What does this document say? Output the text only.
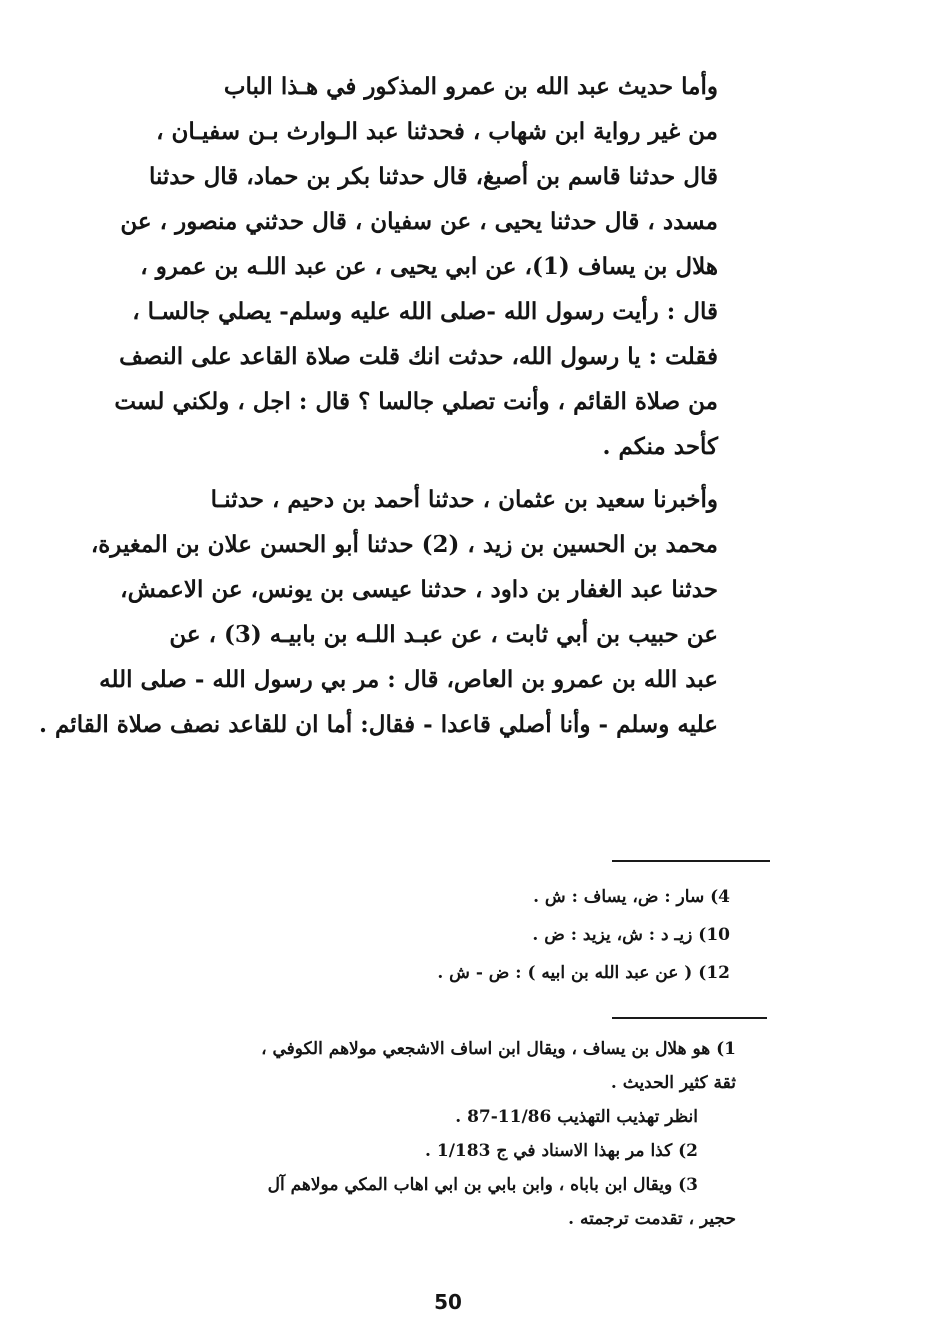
وأما حديث عبد الله بن عمرو المذكور في هـذا الباب
من غير رواية ابن شهاب ، فحدثنا عبد الـوارث بـن سفيـان ،
قال حدثنا قاسم بن أصبغ، قال حدثنا بكر بن حماد، قال حدثنا
مسدد ، قال حدثنا يحيى ، عن سفيان ، قال حدثني منصور ، عن
هلال بن يساف (1)، عن ابي يحيى ، عن عبد اللـه بن عمرو ،
قال : رأيت رسول الله -صلى الله عليه وسلم- يصلي جالسـا ،
فقلت : يا رسول الله، حدثت انك قلت صلاة القاعد على النصف
من صلاة القائم ، وأنت تصلي جالسا ؟ قال : اجل ، ولكني لست
كأحد منكم .

وأخبرنا سعيد بن عثمان ، حدثنا أحمد بن دحيم ، حدثنـا
محمد بن الحسين بن زيد ، (2) حدثنا أبو الحسن علان بن المغيرة،
حدثنا عبد الغفار بن داود ، حدثنا عيسى بن يونس، عن الاعمش،
عن حبيب بن أبي ثابت ، عن عبـد اللـه بن بابيـه (3) ، عن
عبد الله بن عمرو بن العاص، قال : مر بي رسول الله - صلى الله
عليه وسلم - وأنا أصلي قاعدا - فقال: أما ان للقاعد نصف صلاة القائم .

4) سار : ض، يساف : ش .
10) زيـ د : ش، يزيد : ض .
12) ( عن عبد الله بن ابيه ) : ض - ش .
1) هو هلال بن يساف ، ويقال ابن اساف الاشجعي مولاهم الكوفي ،
ثقة كثير الحديث .
انظر تهذيب التهذيب 11/86-87 .
2) كذا مر بهذا الاسناد في ج 1/183 .
3) ويقال ابن باباه ، وابن بابي بن ابي اهاب المكي مولاهم آل
حجير ، تقدمت ترجمته .
50
